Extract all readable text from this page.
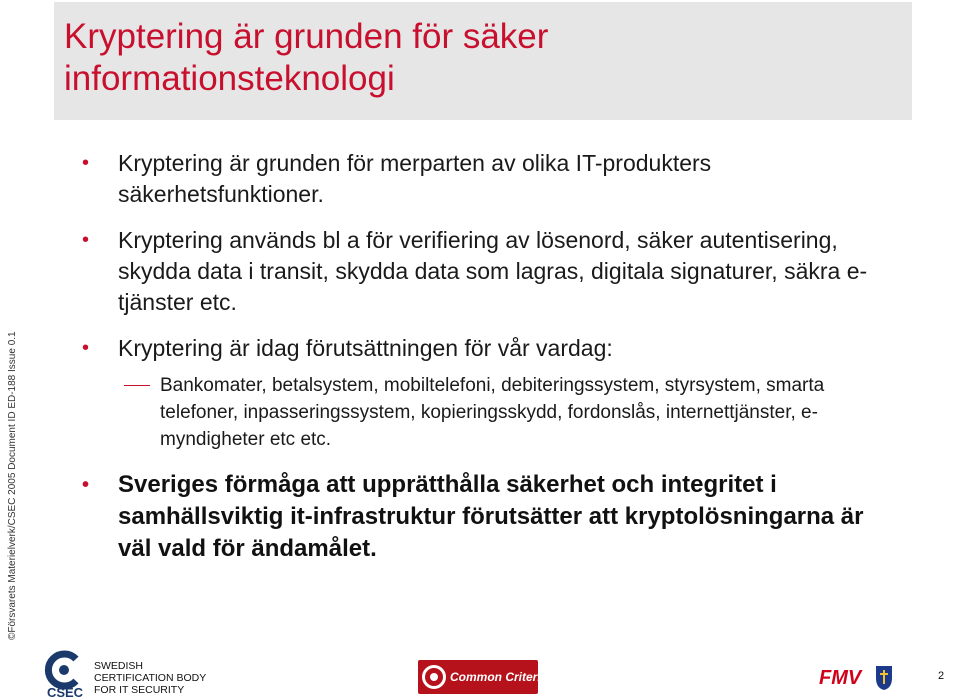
©Försvarets Materielverk/CSEC 2005 Document ID ED-188 Issue 0.1
Kryptering är grunden för säker informationsteknologi
• Kryptering är grunden för merparten av olika IT-produkters säkerhetsfunktioner.
• Kryptering används bl a för verifiering av lösenord, säker autentisering, skydda data i transit, skydda data som lagras, digitala signaturer, säkra e-tjänster etc.
• Kryptering är idag förutsättningen för vår vardag:
Bankomater, betalsystem, mobiltelefoni, debiteringssystem, styrsystem, smarta telefoner, inpasseringssystem, kopieringsskydd, fordonslås, internettjänster, e-myndigheter etc etc.
• Sveriges förmåga att upprätthålla säkerhet och integritet i samhällsviktig it-infrastruktur förutsätter att kryptolösningarna är väl vald för ändamålet.
CSEC
SWEDISH
CERTIFICATION BODY
FOR IT SECURITY
Common Criteria	FMV	2
